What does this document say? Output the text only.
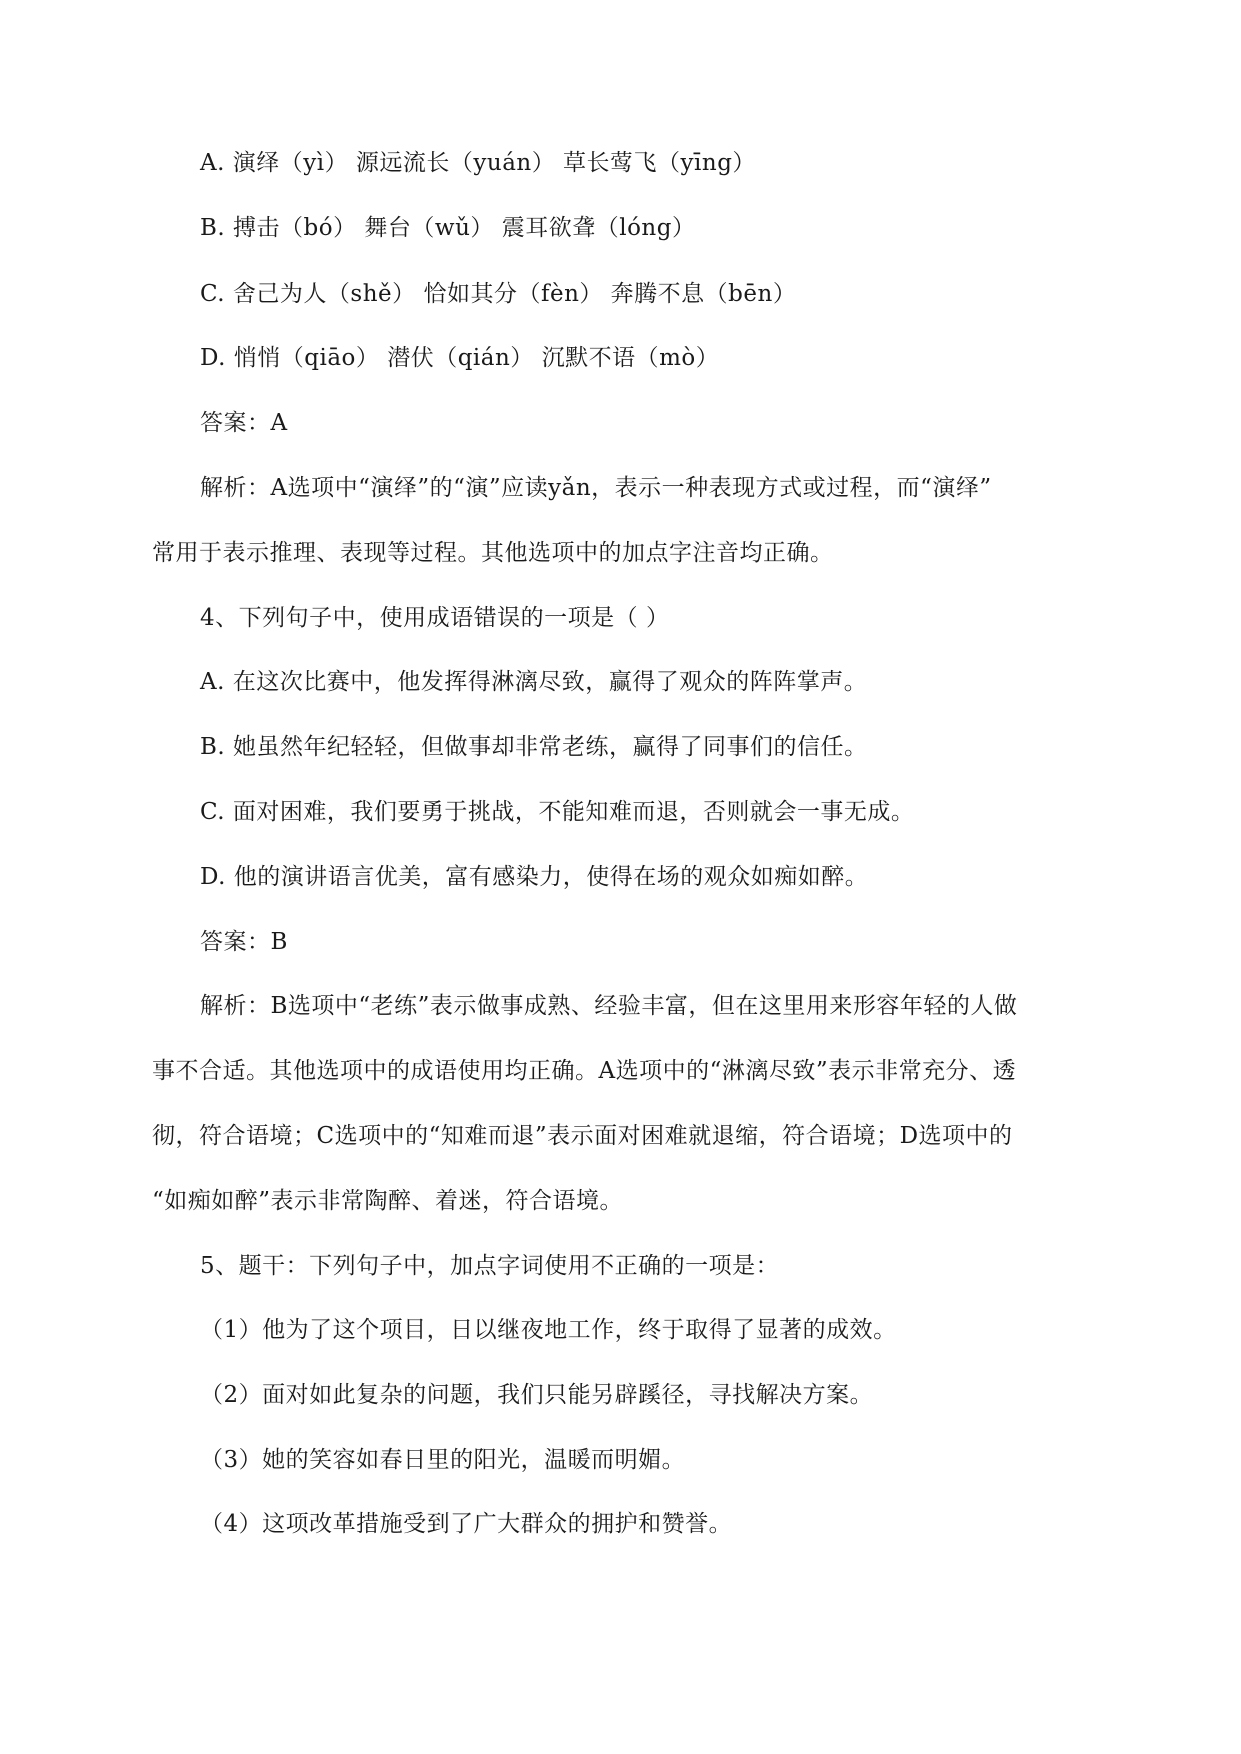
A. 演绎（yì） 源远流长（yuán） 草长莺飞（yīng）
B. 搏击（bó） 舞台（wǔ） 震耳欲聋（lóng）
C. 舍己为人（shě） 恰如其分（fèn） 奔腾不息（bēn）
D. 悄悄（qiāo） 潜伏（qián） 沉默不语（mò）
答案：A
解析：A选项中“演绎”的“演”应读yǎn，表示一种表现方式或过程，而“演绎”
常用于表示推理、表现等过程。其他选项中的加点字注音均正确。
4、下列句子中，使用成语错误的一项是（ ）
A. 在这次比赛中，他发挥得淋漓尽致，赢得了观众的阵阵掌声。
B. 她虽然年纪轻轻，但做事却非常老练，赢得了同事们的信任。
C. 面对困难，我们要勇于挑战，不能知难而退，否则就会一事无成。
D. 他的演讲语言优美，富有感染力，使得在场的观众如痴如醉。
答案：B
解析：B选项中“老练”表示做事成熟、经验丰富，但在这里用来形容年轻的人做
事不合适。其他选项中的成语使用均正确。A选项中的“淋漓尽致”表示非常充分、透
彻，符合语境；C选项中的“知难而退”表示面对困难就退缩，符合语境；D选项中的
“如痴如醉”表示非常陶醉、着迷，符合语境。
5、题干：下列句子中，加点字词使用不正确的一项是：
（1）他为了这个项目，日以继夜地工作，终于取得了显著的成效。
（2）面对如此复杂的问题，我们只能另辟蹊径，寻找解决方案。
（3）她的笑容如春日里的阳光，温暖而明媚。
（4）这项改革措施受到了广大群众的拥护和赞誉。
